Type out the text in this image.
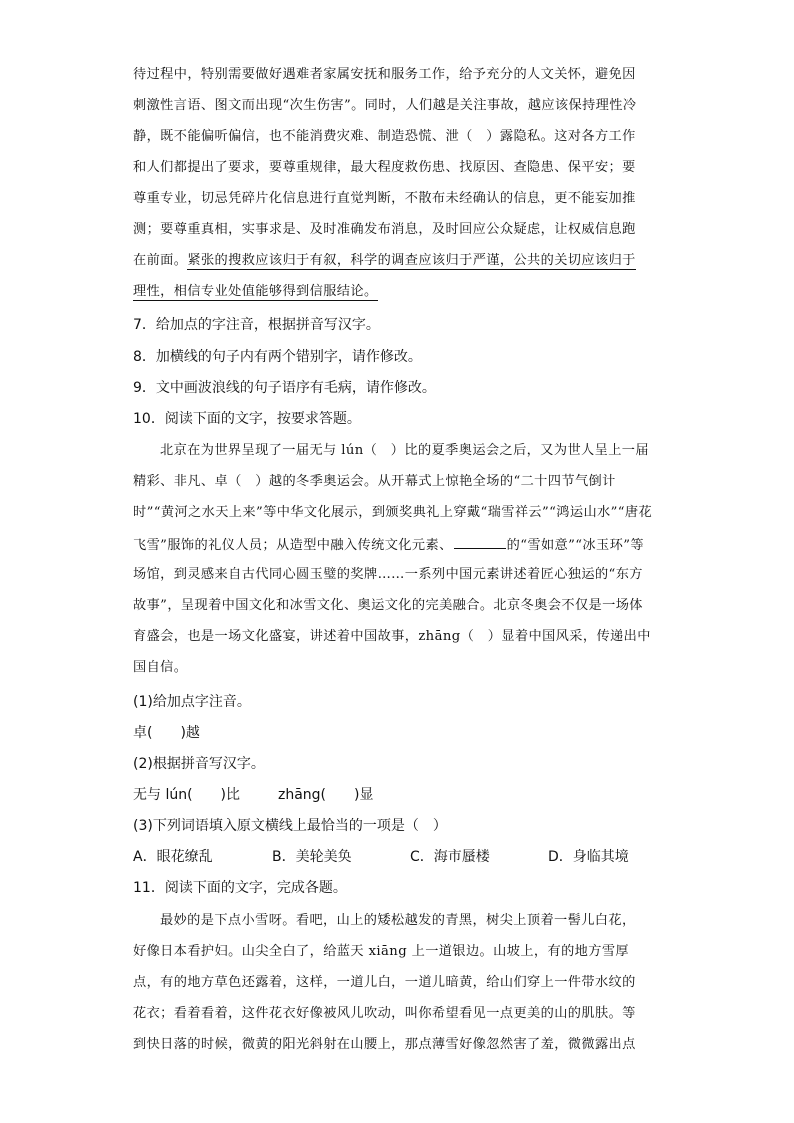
待过程中，特别需要做好遇难者家属安抚和服务工作，给予充分的人文关怀，避免因
刺激性言语、图文而出现“次生伤害”。同时，人们越是关注事故，越应该保持理性冷
静，既不能偏听偏信，也不能消费灾难、制造恐慌、泄（　）露隐私。这对各方工作
和人们都提出了要求，要尊重规律，最大程度救伤患、找原因、查隐患、保平安；要
尊重专业，切忌凭碎片化信息进行直觉判断，不散布未经确认的信息，更不能妄加推
测；要尊重真相，实事求是、及时准确发布消息，及时回应公众疑虑，让权威信息跑
在前面。紧张的搜救应该归于有叙，科学的调查应该归于严谨，公共的关切应该归于
理性，相信专业处值能够得到信服结论。
7．给加点的字注音，根据拼音写汉字。
8．加横线的句子内有两个错别字，请作修改。
9．文中画波浪线的句子语序有毛病，请作修改。
10．阅读下面的文字，按要求答题。
北京在为世界呈现了一届无与 lún（　）比的夏季奥运会之后，又为世人呈上一届
精彩、非凡、卓（　）越的冬季奥运会。从开幕式上惊艳全场的“二十四节气倒计
时”“黄河之水天上来”等中华文化展示，到颁奖典礼上穿戴“瑞雪祥云”“鸿运山水”“唐花
飞雪”服饰的礼仪人员；从造型中融入传统文化元素、	的“雪如意”“冰玉环”等
场馆，到灵感来自古代同心圆玉璧的奖牌……一系列中国元素讲述着匠心独运的“东方
故事”，呈现着中国文化和冰雪文化、奥运文化的完美融合。北京冬奥会不仅是一场体
育盛会，也是一场文化盛宴，讲述着中国故事，zhāng（　）显着中国风采，传递出中
国自信。
(1)给加点字注音。
卓(　　)越
(2)根据拼音写汉字。
无与 lún(　　)比	zhāng(　　)显
(3)下列词语填入原文横线上最恰当的一项是（　）
A．眼花缭乱	B．美轮美奂	C．海市蜃楼	D．身临其境
11．阅读下面的文字，完成各题。
最妙的是下点小雪呀。看吧，山上的矮松越发的青黑，树尖上顶着一髻儿白花，
好像日本看护妇。山尖全白了，给蓝天 xiāng 上一道银边。山坡上，有的地方雪厚
点，有的地方草色还露着，这样，一道儿白，一道儿暗黄，给山们穿上一件带水纹的
花衣；看着看着，这件花衣好像被风儿吹动，叫你希望看见一点更美的山的肌肤。等
到快日落的时候，微黄的阳光斜射在山腰上，那点薄雪好像忽然害了羞，微微露出点
